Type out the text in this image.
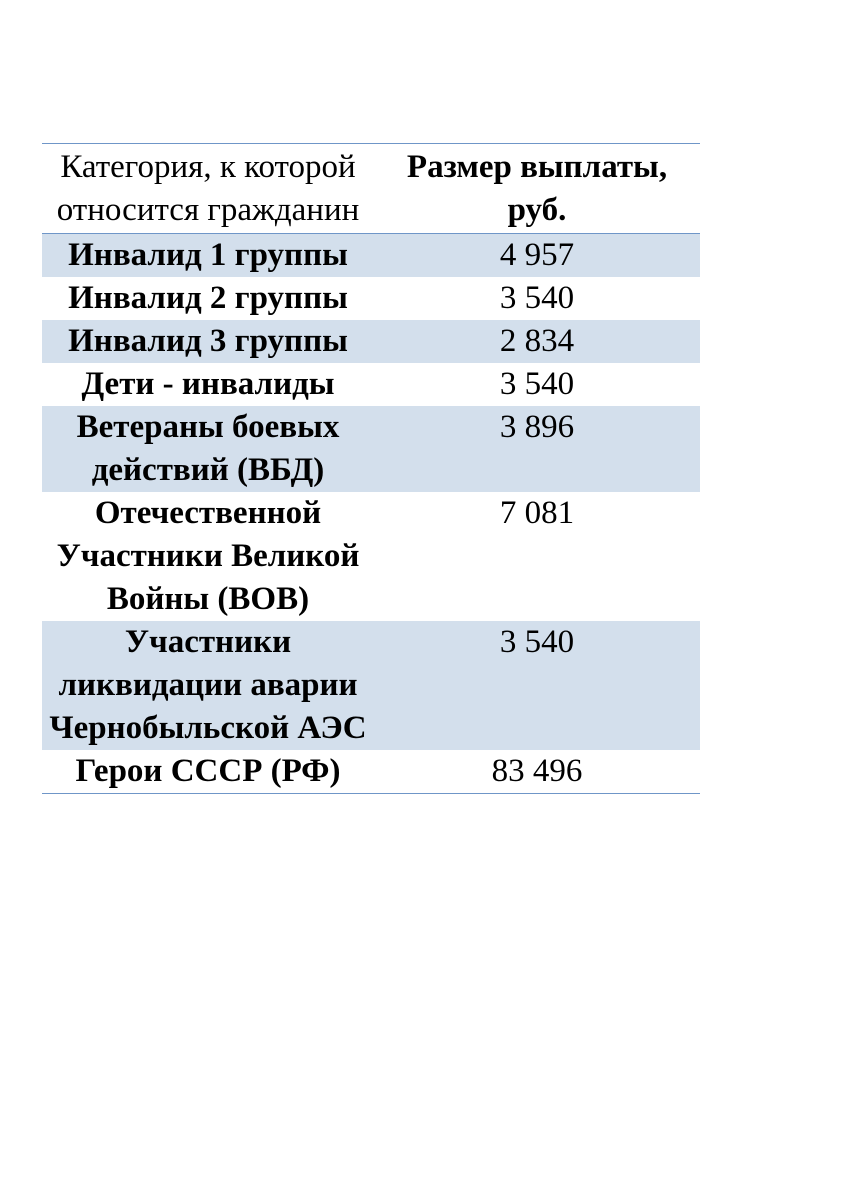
Категория, к которой относится гражданин	Размер выплаты, руб.
Инвалид 1 группы	4 957
Инвалид 2 группы	3 540
Инвалид 3 группы	2 834
Дети - инвалиды	3 540
Ветераны боевых действий (ВБД)	3 896
Отечественной Участники Великой Войны (ВОВ)	7 081
Участники ликвидации аварии Чернобыльской АЭС	3 540
Герои СССР (РФ)	83 496
